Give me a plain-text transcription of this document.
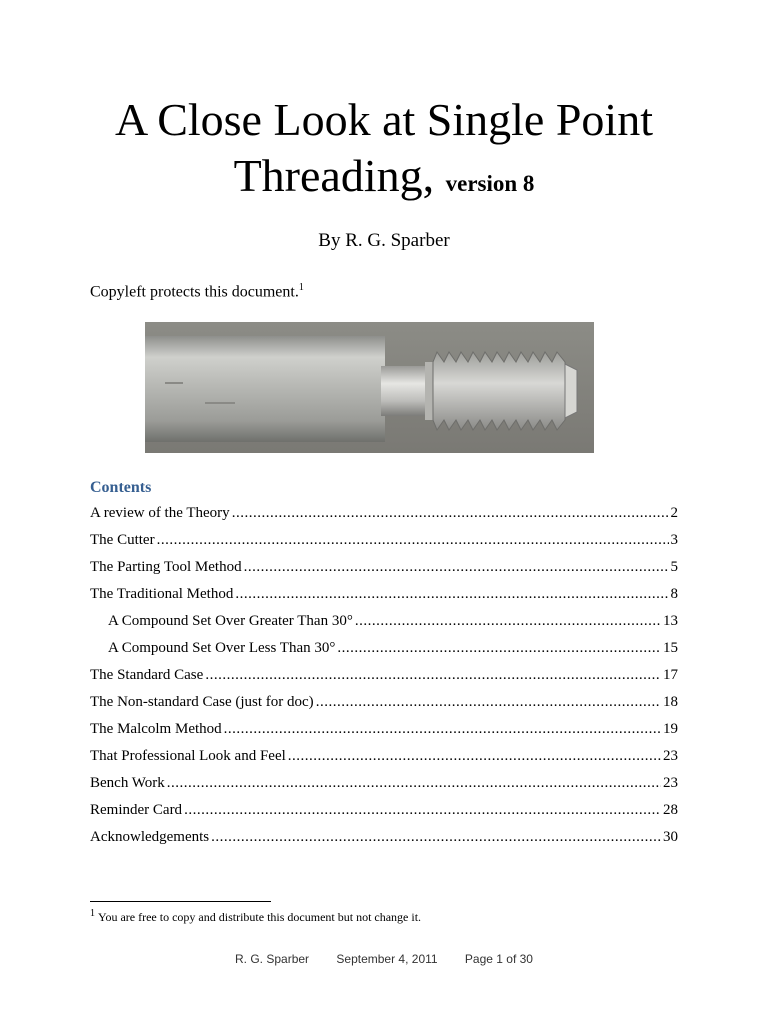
A Close Look at Single Point
Threading, version 8
By R. G. Sparber
Copyleft protects this document.$^1$
Contents
A review of the Theory .....	2
The Cutter .....	3
The Parting Tool Method .....	5
The Traditional Method .....	8
A Compound Set Over Greater Than 30° .....	13
A Compound Set Over Less Than 30° .....	15
The Standard Case .....	17
The Non-standard Case (just for doc) .....	18
The Malcolm Method .....	19
That Professional Look and Feel .....	23
Bench Work .....	23
Reminder Card .....	28
Acknowledgements .....	30
$^1$ You are free to copy and distribute this document but not change it.
R. G. Sparber September 4, 2011 Page 1 of 30
